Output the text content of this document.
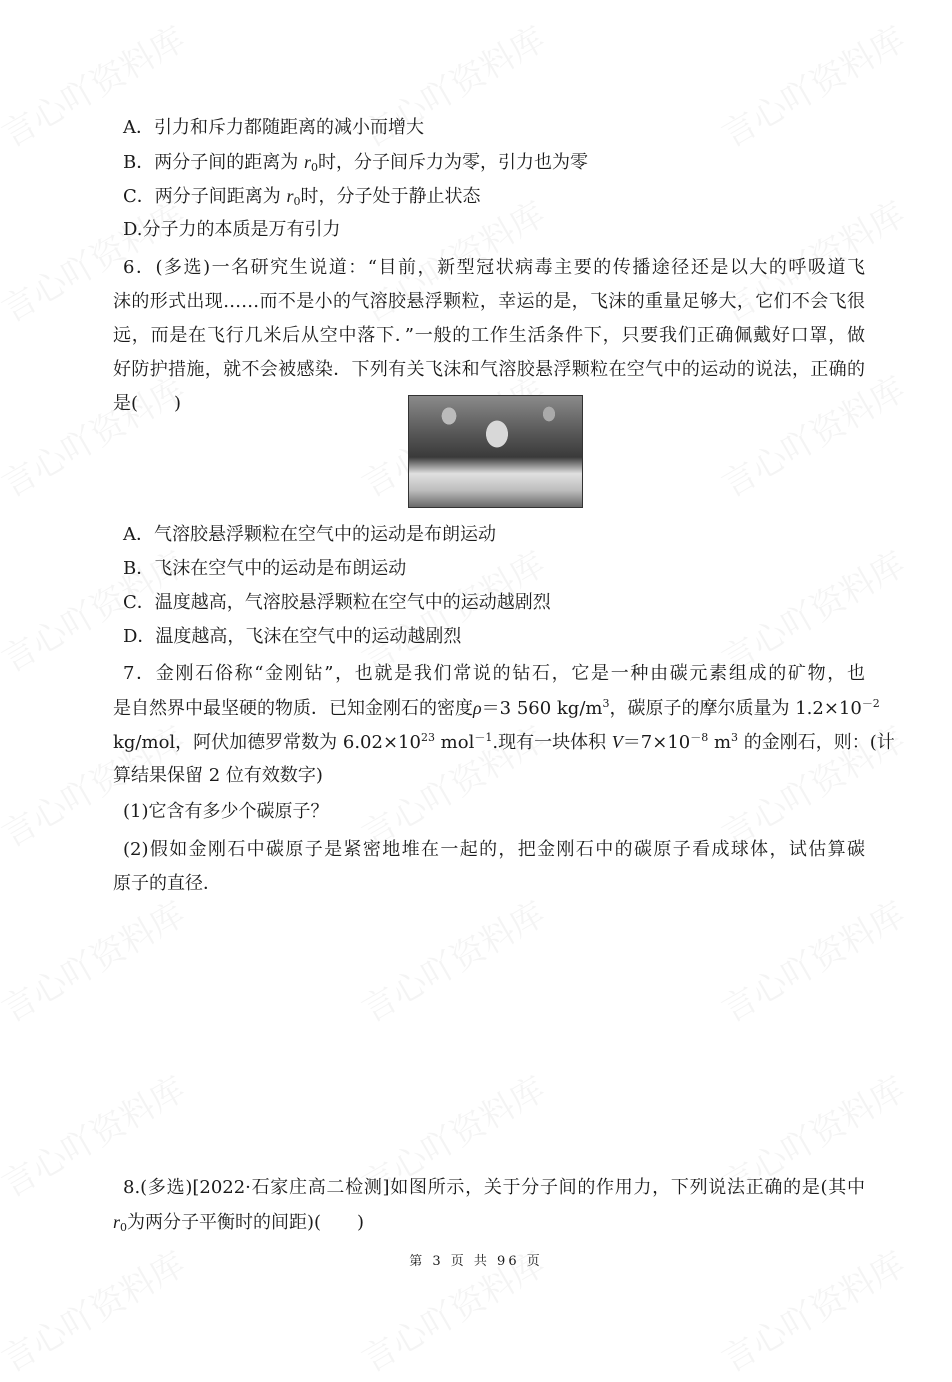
A．引力和斥力都随距离的减小而增大
B．两分子间的距离为 $r_0$时，分子间斥力为零，引力也为零
C．两分子间距离为 $r_0$时，分子处于静止状态
D.分子力的本质是万有引力
6．(多选)一名研究生说道：“目前，新型冠状病毒主要的传播途径还是以大的呼吸道飞
沫的形式出现……而不是小的气溶胶悬浮颗粒，幸运的是，飞沫的重量足够大，它们不会飞很
远，而是在飞行几米后从空中落下．”一般的工作生活条件下，只要我们正确佩戴好口罩，做
好防护措施，就不会被感染．下列有关飞沫和气溶胶悬浮颗粒在空气中的运动的说法，正确的
是(　　)
A．气溶胶悬浮颗粒在空气中的运动是布朗运动
B．飞沫在空气中的运动是布朗运动
C．温度越高，气溶胶悬浮颗粒在空气中的运动越剧烈
D．温度越高，飞沫在空气中的运动越剧烈
7．金刚石俗称“金刚钻”，也就是我们常说的钻石，它是一种由碳元素组成的矿物，也
是自然界中最坚硬的物质．已知金刚石的密度ρ＝3 560 $kg/m^3$，碳原子的摩尔质量为 $1.2\times 10^{-2}$
kg/mol，阿伏加德罗常数为 $6.02\times 10^{23}$ mol$^{-1}$.现有一块体积 $V=7\times 10^{-8}$ $m^3$ 的金刚石，则：(计
算结果保留 2 位有效数字)
(1)它含有多少个碳原子？
(2)假如金刚石中碳原子是紧密地堆在一起的，把金刚石中的碳原子看成球体，试估算碳
原子的直径．
8.(多选)[2022·石家庄高二检测]如图所示，关于分子间的作用力，下列说法正确的是(其中
$r_0$为两分子平衡时的间距)(　　)
第 3 页 共 96 页
